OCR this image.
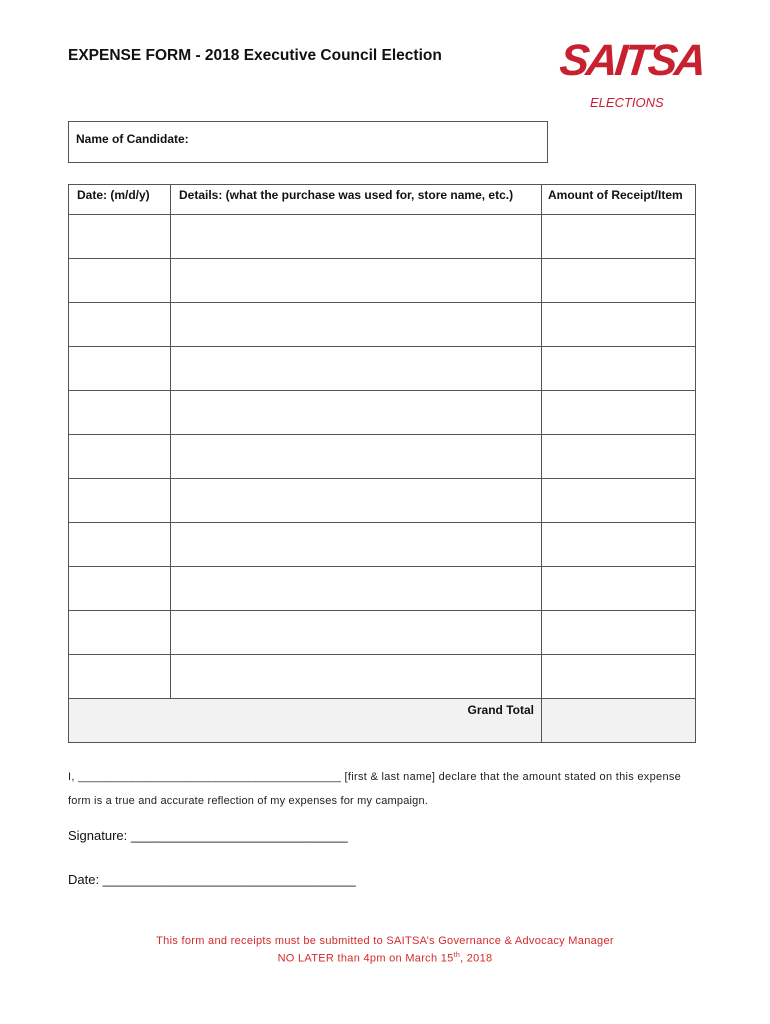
EXPENSE FORM - 2018 Executive Council Election	SAITSA
ELECTIONS
Name of Candidate:
Date: (m/d/y)	Details: (what the purchase was used for, store name, etc.)	Amount of Receipt/Item

Grand Total		
I, _________________________________________ [first & last name] declare that the amount stated on this expense
form is a true and accurate reflection of my expenses for my campaign.
Signature: ______________________________
Date: ___________________________________
This form and receipts must be submitted to SAITSA’s Governance & Advocacy Manager
NO LATER than 4pm on March 15th, 2018
